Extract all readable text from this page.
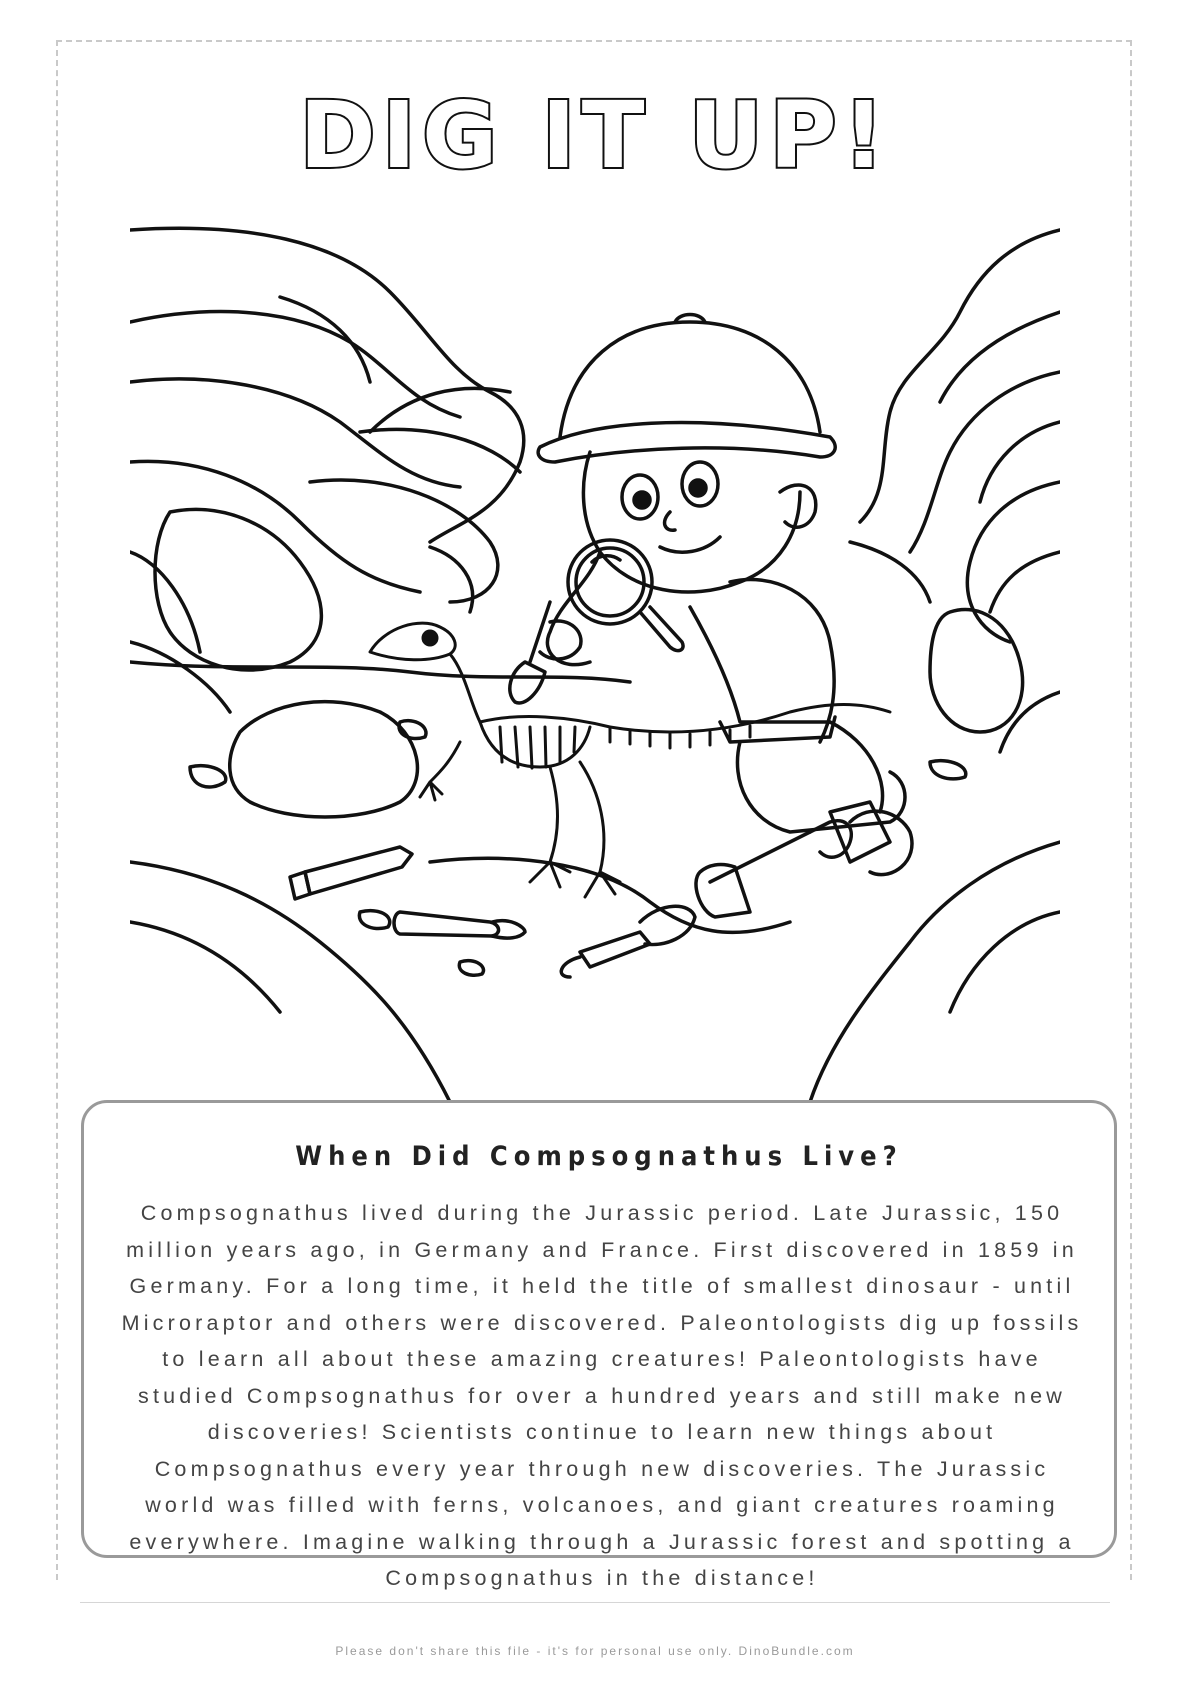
DIG IT UP!
When Did Compsognathus Live?
Compsognathus lived during the Jurassic period. Late Jurassic, 150 million years ago, in Germany and France. First discovered in 1859 in Germany. For a long time, it held the title of smallest dinosaur - until Microraptor and others were discovered. Paleontologists dig up fossils to learn all about these amazing creatures! Paleontologists have studied Compsognathus for over a hundred years and still make new discoveries! Scientists continue to learn new things about Compsognathus every year through new discoveries. The Jurassic world was filled with ferns, volcanoes, and giant creatures roaming everywhere. Imagine walking through a Jurassic forest and spotting a Compsognathus in the distance!
Please don't share this file - it's for personal use only. DinoBundle.com
